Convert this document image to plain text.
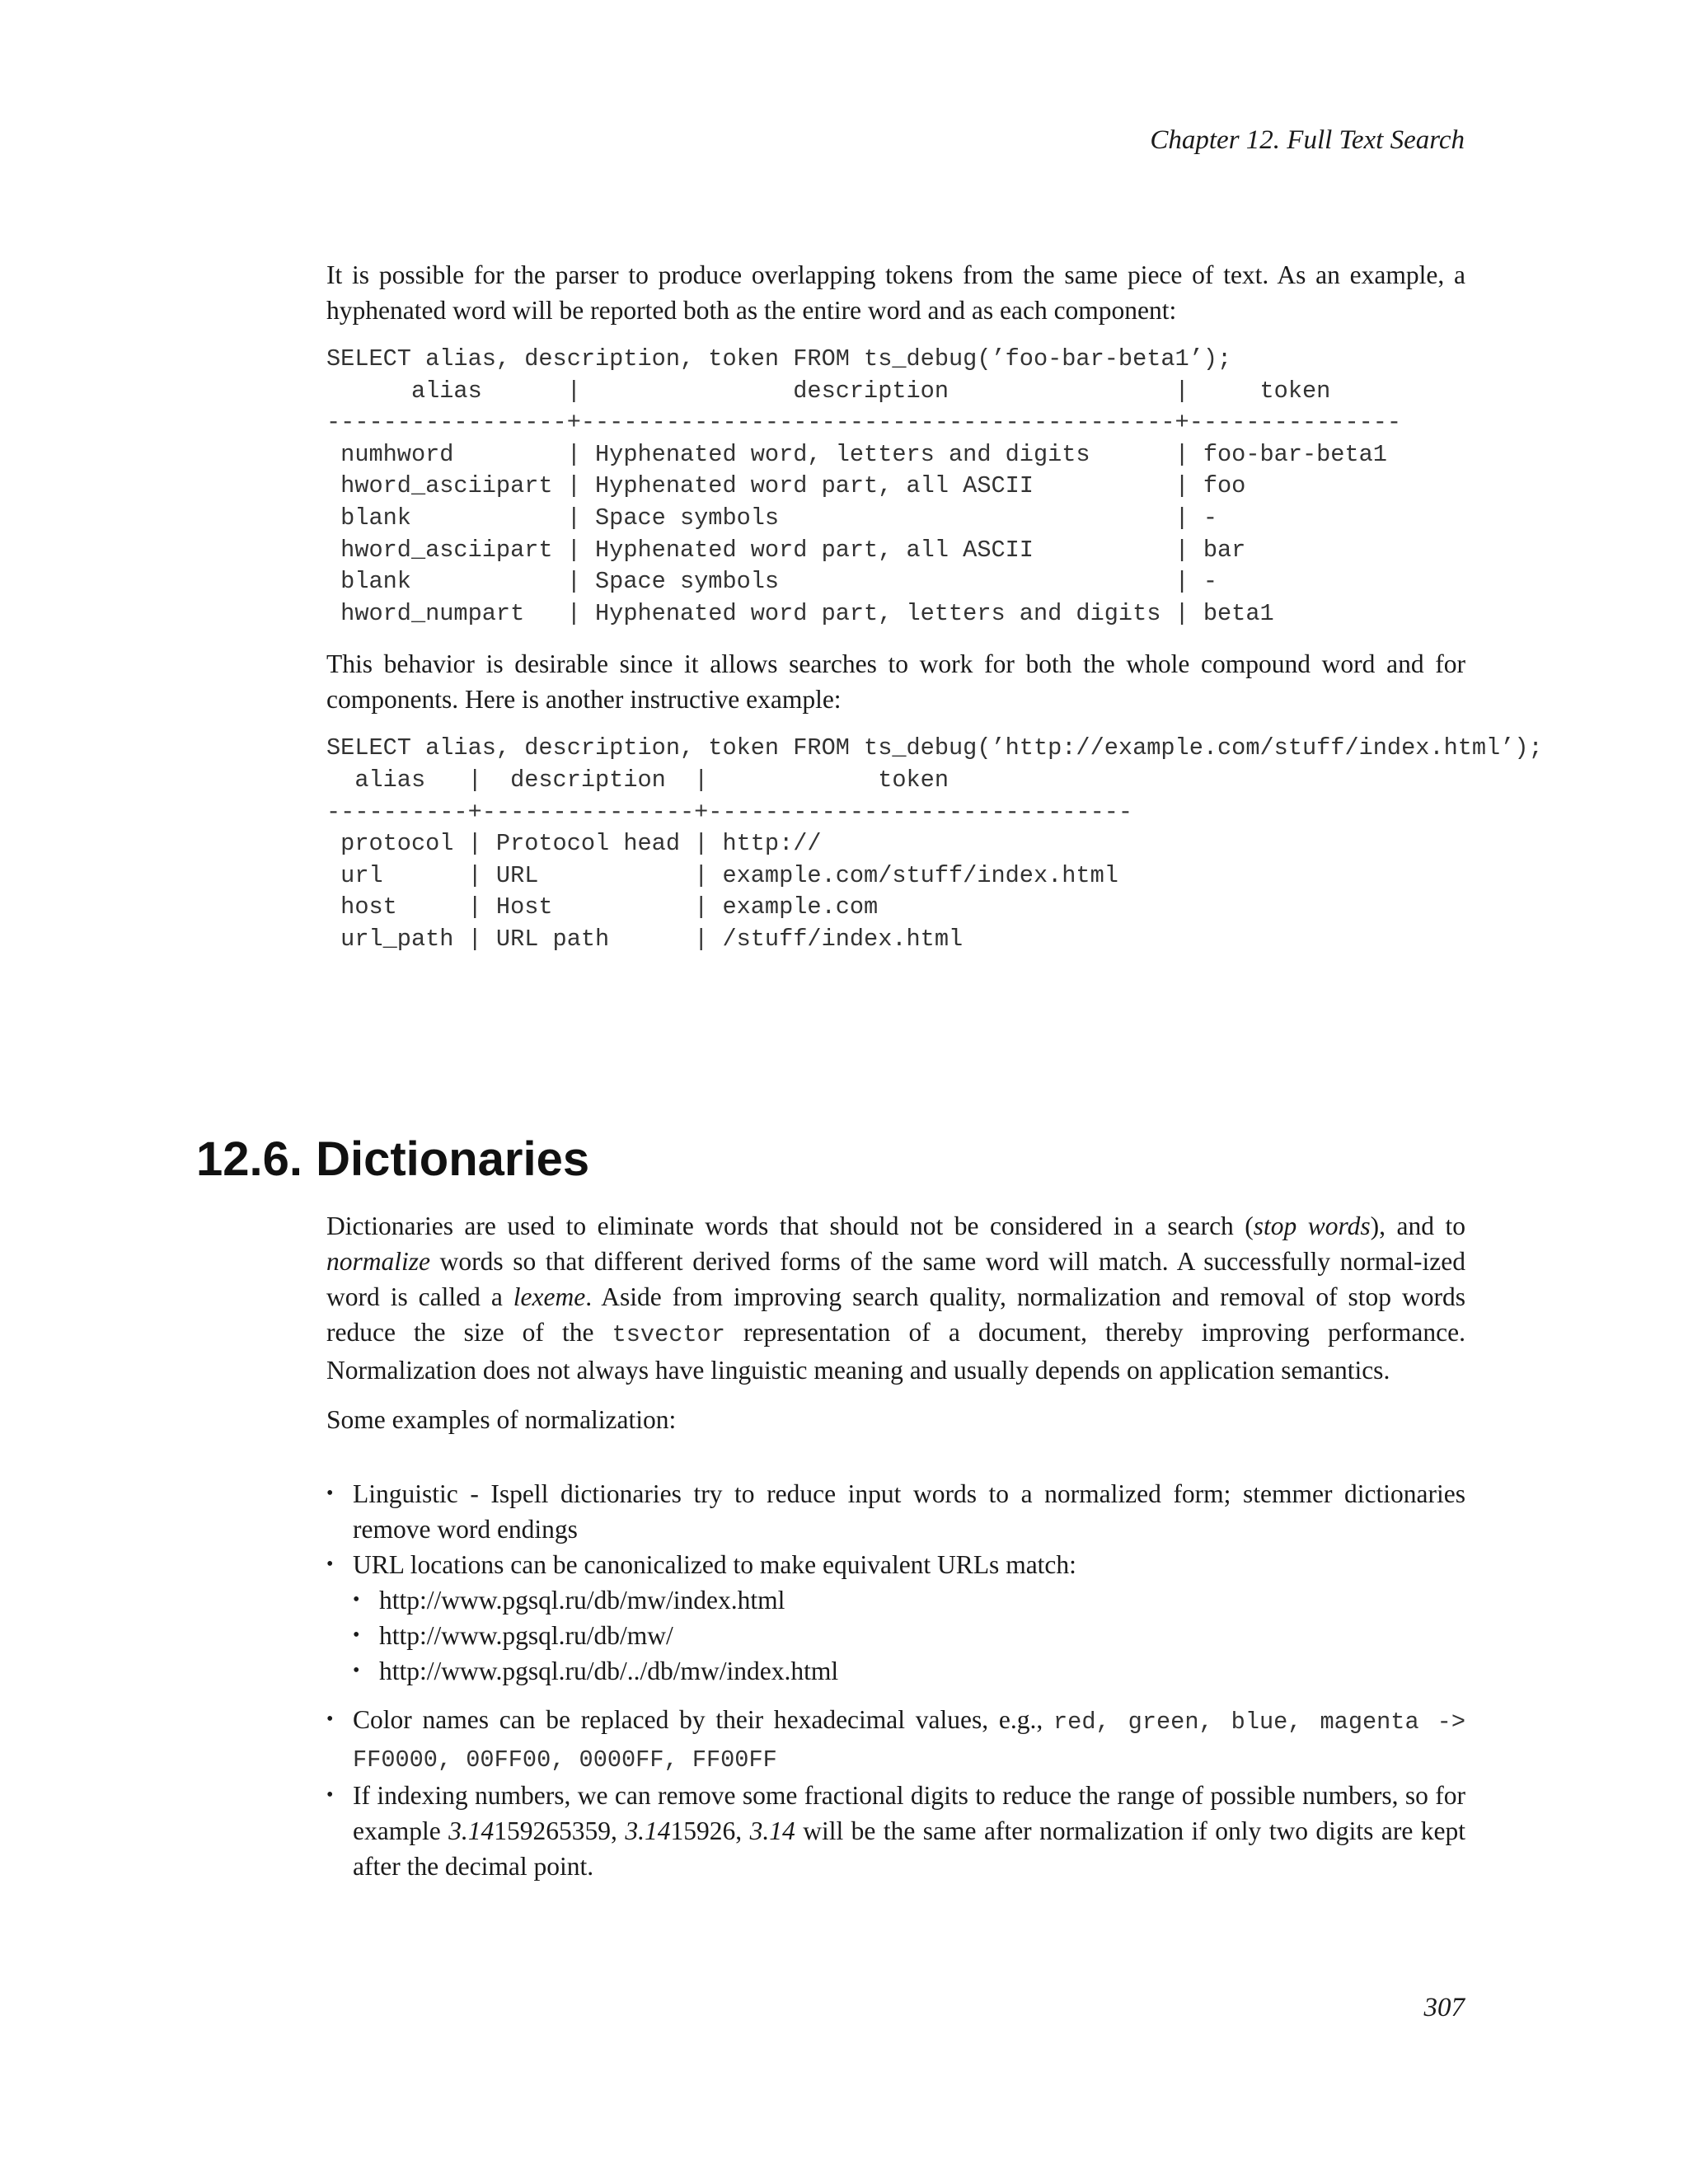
Chapter 12. Full Text Search

It is possible for the parser to produce overlapping tokens from the same piece of text. As an example, a hyphenated word will be reported both as the entire word and as each component:

SELECT alias, description, token FROM ts_debug(’foo-bar-beta1’);
alias      |               description                |     token
-----------------+------------------------------------------+---------------
numhword        | Hyphenated word, letters and digits      | foo-bar-beta1
hword_asciipart | Hyphenated word part, all ASCII          | foo
blank           | Space symbols                            | -
hword_asciipart | Hyphenated word part, all ASCII          | bar
blank           | Space symbols                            | -
hword_numpart   | Hyphenated word part, letters and digits | beta1

This behavior is desirable since it allows searches to work for both the whole compound word and for components. Here is another instructive example:

SELECT alias, description, token FROM ts_debug(’http://example.com/stuff/index.html’);
alias   |  description  |            token
----------+---------------+------------------------------
protocol | Protocol head | http://
url      | URL           | example.com/stuff/index.html
host     | Host          | example.com
url_path | URL path      | /stuff/index.html
12.6. Dictionaries

Dictionaries are used to eliminate words that should not be considered in a search (stop words), and to normalize words so that different derived forms of the same word will match. A successfully normal-ized word is called a lexeme. Aside from improving search quality, normalization and removal of stop words reduce the size of the tsvector representation of a document, thereby improving performance. Normalization does not always have linguistic meaning and usually depends on application semantics.

Some examples of normalization:

• Linguistic - Ispell dictionaries try to reduce input words to a normalized form; stemmer dictionaries remove word endings
• URL locations can be canonicalized to make equivalent URLs match:
• http://www.pgsql.ru/db/mw/index.html
• http://www.pgsql.ru/db/mw/
• http://www.pgsql.ru/db/../db/mw/index.html
• Color names can be replaced by their hexadecimal values, e.g., red, green, blue, magenta -> FF0000, 00FF00, 0000FF, FF00FF
• If indexing numbers, we can remove some fractional digits to reduce the range of possible numbers, so for example 3.14159265359, 3.1415926, 3.14 will be the same after normalization if only two digits are kept after the decimal point.
307
